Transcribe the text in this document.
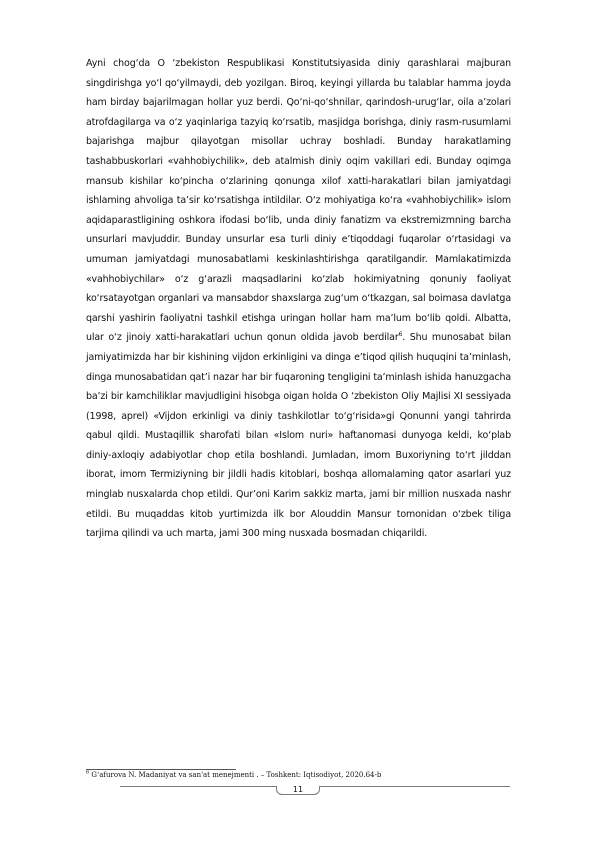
Ayni chog‘da O ‘zbekiston Respublikasi Konstitutsiyasida diniy qarashlarai majburan singdirishga yo‘l qo‘yilmaydi, deb yozilgan. Biroq, keyingi yillarda bu talablar hamma joyda ham birday bajarilmagan hollar yuz berdi. Qo‘ni-qo‘shnilar, qarindosh-urug‘lar, oila a’zolari atrofdagilarga va o‘z yaqinlariga tazyiq ko‘rsatib, masjidga borishga, diniy rasm-rusumlami bajarishga majbur qilayotgan misollar uchray boshladi. Bunday harakatlaming tashabbuskorlari «vahhobiychilik», deb atalmish diniy oqim vakillari edi. Bunday oqimga mansub kishilar ko‘pincha o‘zlarining qonunga xilof xatti-harakatlari bilan jamiyatdagi ishlaming ahvoliga ta’sir ko‘rsatishga intildilar. O‘z mohiyatiga ko‘ra «vahhobiychilik» islom aqidaparastligining oshkora ifodasi bo‘lib, unda diniy fanatizm va ekstremizmning barcha unsurlari mavjuddir. Bunday unsurlar esa turli diniy e’tiqoddagi fuqarolar o‘rtasidagi va umuman jamiyatdagi munosabatlami keskinlashtirishga qaratilgandir. Mamlakatimizda «vahhobiychilar» o‘z g‘arazli maqsadlarini ko‘zlab hokimiyatning qonuniy faoliyat ko‘rsatayotgan organlari va mansabdor shaxslarga zug‘um o‘tkazgan, sal boimasa davlatga qarshi yashirin faoliyatni tashkil etishga uringan hollar ham ma’lum bo‘lib qoldi. Albatta, ular o‘z jinoiy xatti-harakatlari uchun qonun oldida javob berdilar$^6$. Shu munosabat bilan jamiyatimizda har bir kishining vijdon erkinligini va dinga e’tiqod qilish huquqini ta’minlash, dinga munosabatidan qat’i nazar har bir fuqaroning tengligini ta’minlash ishida hanuzgacha ba’zi bir kamchiliklar mavjudligini hisobga oigan holda O ‘zbekiston Oliy Majlisi XI sessiyada (1998, aprel) «Vijdon erkinligi va diniy tashkilotlar to‘g‘risida»gi Qonunni yangi tahrirda qabul qildi. Mustaqillik sharofati bilan «Islom nuri» haftanomasi dunyoga keldi, ko‘plab diniy-axloqiy adabiyotlar chop etila boshlandi. Jumladan, imom Buxoriyning to‘rt jilddan iborat, imom Termiziyning bir jildli hadis kitoblari, boshqa allomalaming qator asarlari yuz minglab nusxalarda chop etildi. Qur’oni Karim sakkiz marta, jami bir million nusxada nashr etildi. Bu muqaddas kitob yurtimizda ilk bor Alouddin Mansur tomonidan o‘zbek tiliga tarjima qilindi va uch marta, jami 300 ming nusxada bosmadan chiqarildi.

$^6$ G‘afurova N. Madaniyat va san'at menejmenti . – Toshkent: Iqtisodiyot, 2020.64-b
11
